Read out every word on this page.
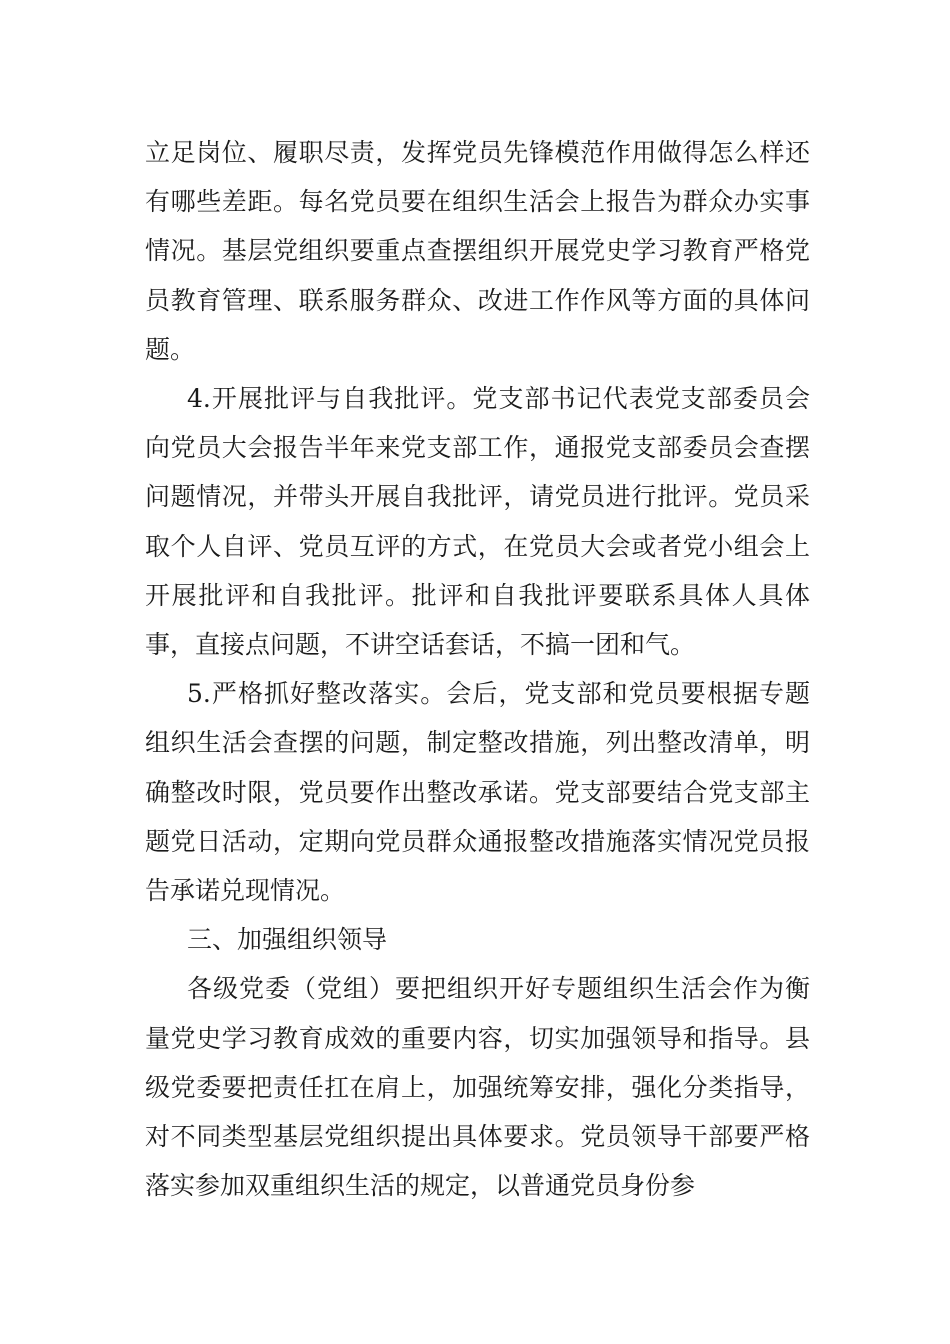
立足岗位、履职尽责，发挥党员先锋模范作用做得怎么样还有哪些差距。每名党员要在组织生活会上报告为群众办实事情况。基层党组织要重点查摆组织开展党史学习教育严格党员教育管理、联系服务群众、改进工作作风等方面的具体问题。

4.开展批评与自我批评。党支部书记代表党支部委员会向党员大会报告半年来党支部工作，通报党支部委员会查摆问题情况，并带头开展自我批评，请党员进行批评。党员采取个人自评、党员互评的方式，在党员大会或者党小组会上开展批评和自我批评。批评和自我批评要联系具体人具体事，直接点问题，不讲空话套话，不搞一团和气。

5.严格抓好整改落实。会后，党支部和党员要根据专题组织生活会查摆的问题，制定整改措施，列出整改清单，明确整改时限，党员要作出整改承诺。党支部要结合党支部主题党日活动，定期向党员群众通报整改措施落实情况党员报告承诺兑现情况。

三、加强组织领导

各级党委（党组）要把组织开好专题组织生活会作为衡量党史学习教育成效的重要内容，切实加强领导和指导。县级党委要把责任扛在肩上，加强统筹安排，强化分类指导，对不同类型基层党组织提出具体要求。党员领导干部要严格落实参加双重组织生活的规定，以普通党员身份参
